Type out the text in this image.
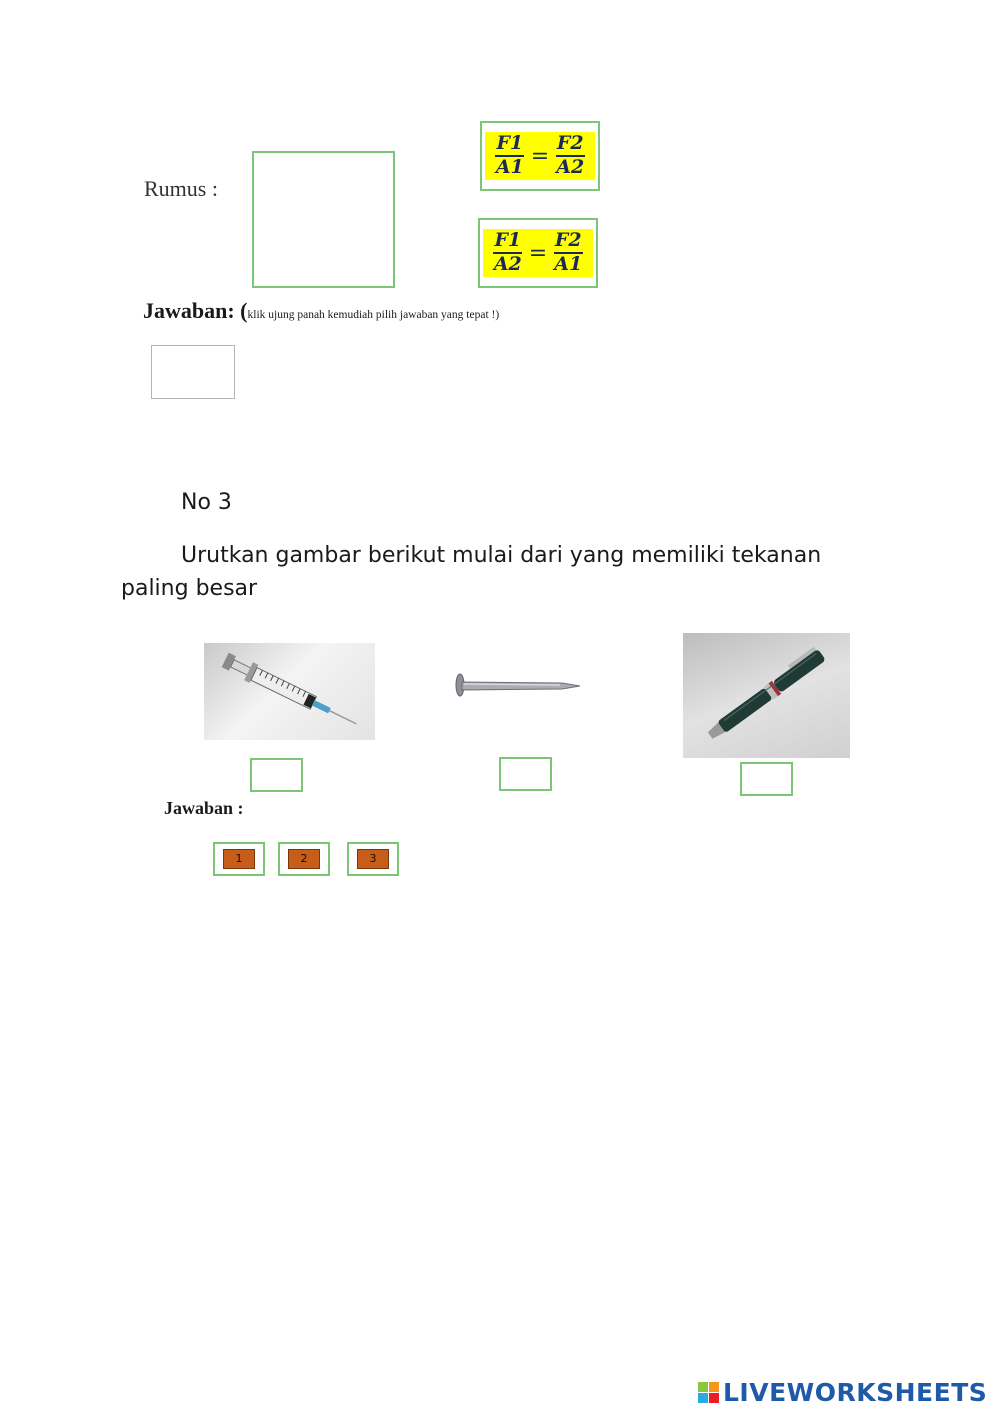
Rumus :
$\frac{F1}{A1} = \frac{F2}{A2}$
$\frac{F1}{A2} = \frac{F2}{A1}$
Jawaban: (klik ujung panah kemudiah pilih jawaban yang tepat !)
No 3
Urutkan gambar berikut mulai dari yang memiliki tekanan paling besar
Jawaban :
1	2	3
LIVEWORKSHEETS
